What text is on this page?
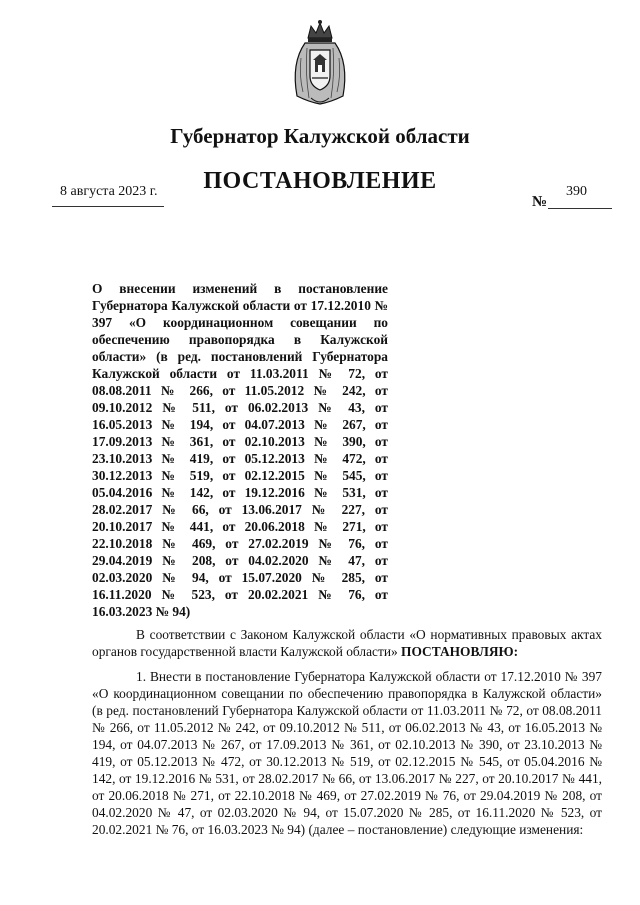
Губернатор Калужской области
ПОСТАНОВЛЕНИЕ
8 августа 2023 г.
№
390

О внесении изменений в постановление Губернатора Калужской области от 17.12.2010 № 397 «О координационном совещании по обеспечению правопорядка в Калужской области» (в ред. постановлений Губернатора Калужской области от 11.03.2011 № 72, от 08.08.2011 № 266, от 11.05.2012 № 242, от 09.10.2012 № 511, от 06.02.2013 № 43, от 16.05.2013 № 194, от 04.07.2013 № 267, от 17.09.2013 № 361, от 02.10.2013 № 390, от 23.10.2013 № 419, от 05.12.2013 № 472, от 30.12.2013 № 519, от 02.12.2015 № 545, от 05.04.2016 № 142, от 19.12.2016 № 531, от 28.02.2017 № 66, от 13.06.2017 № 227, от 20.10.2017 № 441, от 20.06.2018 № 271, от 22.10.2018 № 469, от 27.02.2019 № 76, от 29.04.2019 № 208, от 04.02.2020 № 47, от 02.03.2020 № 94, от 15.07.2020 № 285, от 16.11.2020 № 523, от 20.02.2021 № 76, от 16.03.2023 № 94)

В соответствии с Законом Калужской области «О нормативных правовых актах органов государственной власти Калужской области» ПОСТАНОВЛЯЮ:

1. Внести в постановление Губернатора Калужской области от 17.12.2010 № 397 «О координационном совещании по обеспечению правопорядка в Калужской области» (в ред. постановлений Губернатора Калужской области от 11.03.2011 № 72, от 08.08.2011 № 266, от 11.05.2012 № 242, от 09.10.2012 № 511, от 06.02.2013 № 43, от 16.05.2013 № 194, от 04.07.2013 № 267, от 17.09.2013 № 361, от 02.10.2013 № 390, от 23.10.2013 № 419, от 05.12.2013 № 472, от 30.12.2013 № 519, от 02.12.2015 № 545, от 05.04.2016 № 142, от 19.12.2016 № 531, от 28.02.2017 № 66, от 13.06.2017 № 227, от 20.10.2017 № 441, от 20.06.2018 № 271, от 22.10.2018 № 469, от 27.02.2019 № 76, от 29.04.2019 № 208, от 04.02.2020 № 47, от 02.03.2020 № 94, от 15.07.2020 № 285, от 16.11.2020 № 523, от 20.02.2021 № 76, от 16.03.2023 № 94) (далее – постановление) следующие изменения:
